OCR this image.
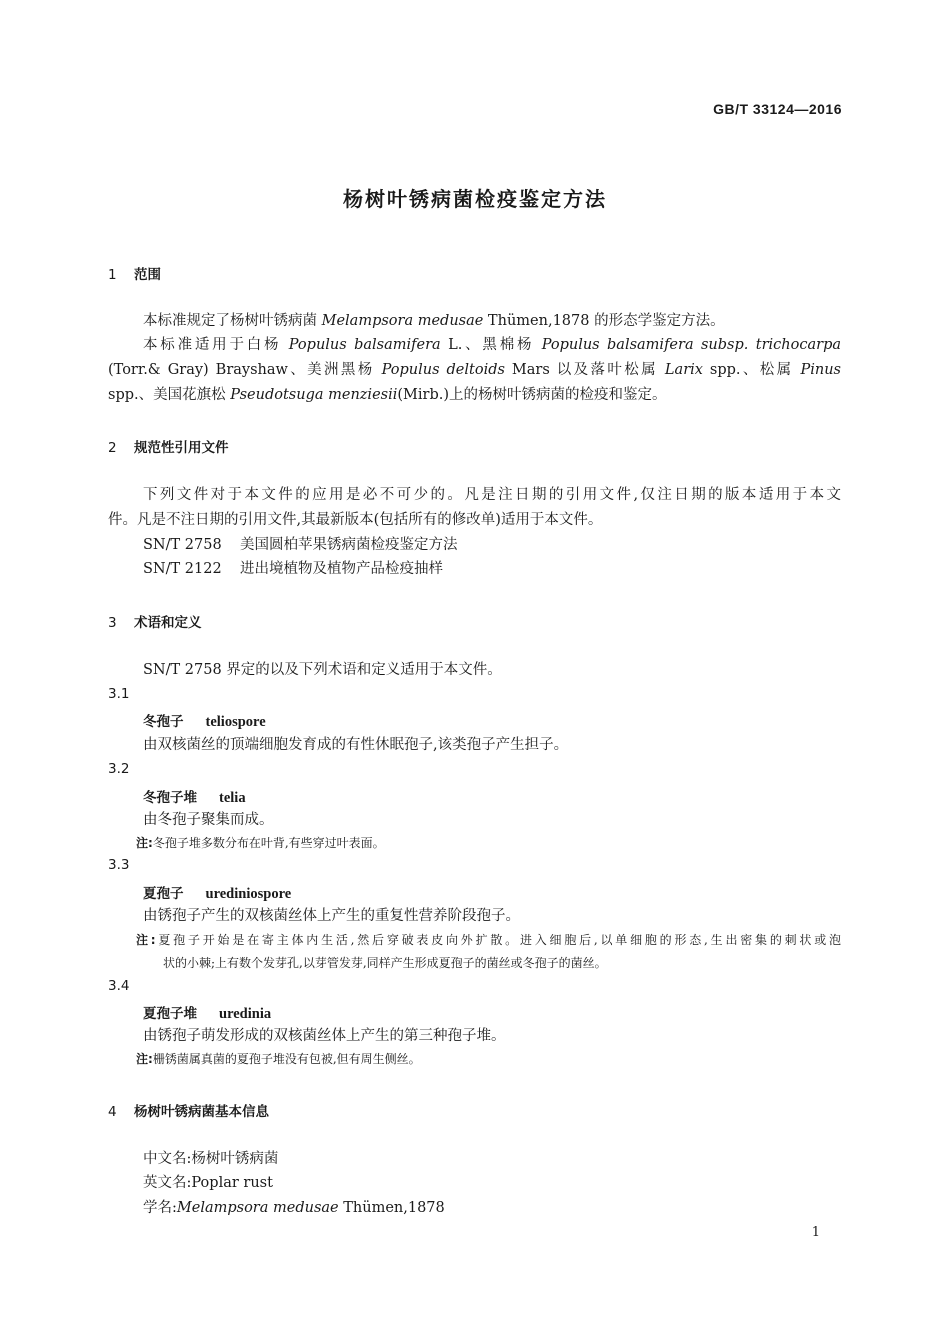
GB/T 33124—2016
杨树叶锈病菌检疫鉴定方法
1 范围
本标准规定了杨树叶锈病菌 Melampsora medusae Thümen,1878 的形态学鉴定方法。
本标准适用于白杨 Populus balsamifera L.、黑棉杨 Populus balsamifera subsp. trichocarpa
(Torr.& Gray) Brayshaw、美洲黑杨 Populus deltoids Mars 以及落叶松属 Larix spp.、松属 Pinus
spp.、美国花旗松 Pseudotsuga menziesii(Mirb.)上的杨树叶锈病菌的检疫和鉴定。
2 规范性引用文件
下列文件对于本文件的应用是必不可少的。凡是注日期的引用文件,仅注日期的版本适用于本文
件。凡是不注日期的引用文件,其最新版本(包括所有的修改单)适用于本文件。
SN/T 2758 美国圆柏苹果锈病菌检疫鉴定方法
SN/T 2122 进出境植物及植物产品检疫抽样
3 术语和定义
SN/T 2758 界定的以及下列术语和定义适用于本文件。
3.1
冬孢子 teliospore
由双核菌丝的顶端细胞发育成的有性休眠孢子,该类孢子产生担子。
3.2
冬孢子堆 telia
由冬孢子聚集而成。
注:冬孢子堆多数分布在叶背,有些穿过叶表面。
3.3
夏孢子 urediniospore
由锈孢子产生的双核菌丝体上产生的重复性营养阶段孢子。
注:夏孢子开始是在寄主体内生活,然后穿破表皮向外扩散。进入细胞后,以单细胞的形态,生出密集的刺状或泡
状的小棘;上有数个发芽孔,以芽管发芽,同样产生形成夏孢子的菌丝或冬孢子的菌丝。
3.4
夏孢子堆 uredinia
由锈孢子萌发形成的双核菌丝体上产生的第三种孢子堆。
注:栅锈菌属真菌的夏孢子堆没有包被,但有周生侧丝。
4 杨树叶锈病菌基本信息
中文名:杨树叶锈病菌
英文名:Poplar rust
学名:Melampsora medusae Thümen,1878
1
